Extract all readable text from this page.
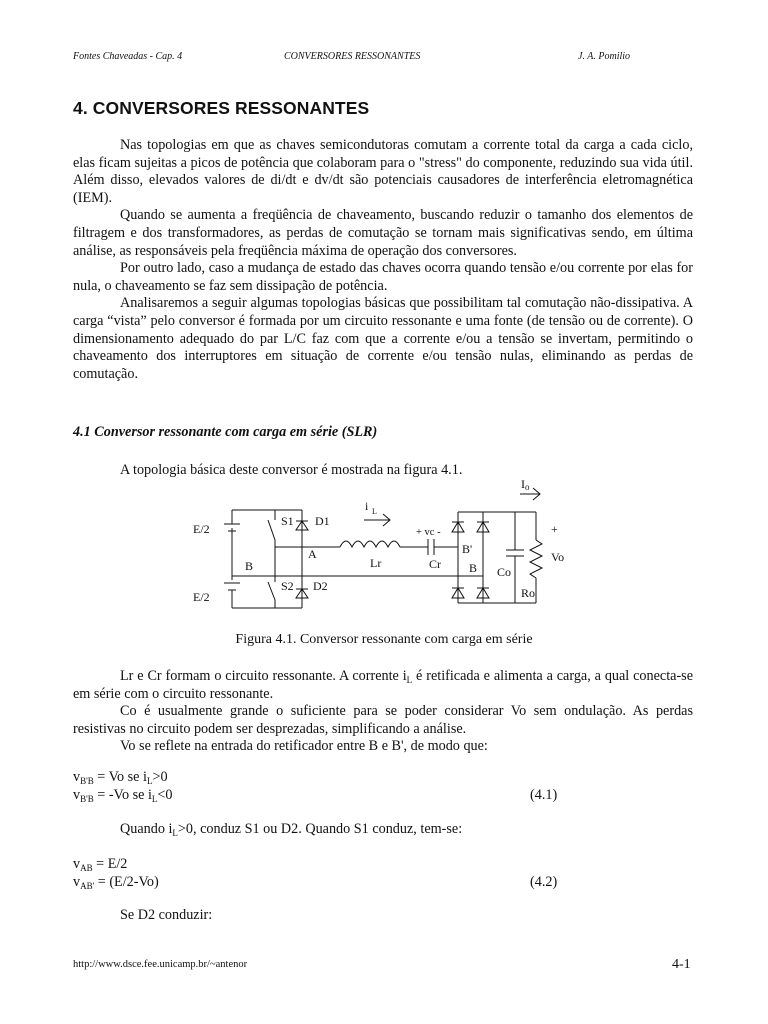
Fontes Chaveadas - Cap. 4	CONVERSORES RESSONANTES	J. A. Pomilio
4. CONVERSORES RESSONANTES

Nas topologias em que as chaves semicondutoras comutam a corrente total da carga a cada ciclo, elas ficam sujeitas a picos de potência que colaboram para o "stress" do componente, reduzindo sua vida útil. Além disso, elevados valores de di/dt e dv/dt são potenciais causadores de interferência eletromagnética (IEM).

Quando se aumenta a freqüência de chaveamento, buscando reduzir o tamanho dos elementos de filtragem e dos transformadores, as perdas de comutação se tornam mais significativas sendo, em última análise, as responsáveis pela freqüência máxima de operação dos conversores.

Por outro lado, caso a mudança de estado das chaves ocorra quando tensão e/ou corrente por elas for nula, o chaveamento se faz sem dissipação de potência.

Analisaremos a seguir algumas topologias básicas que possibilitam tal comutação não-dissipativa. A carga “vista” pelo conversor é formada por um circuito ressonante e uma fonte (de tensão ou de corrente). O dimensionamento adequado do par L/C faz com que a corrente e/ou a tensão se invertam, permitindo o chaveamento dos interruptores em situação de corrente e/ou tensão nulas, eliminando as perdas de comutação.

4.1 Conversor ressonante com carga em série (SLR)
A topologia básica deste conversor é mostrada na figura 4.1.
E/2
E/2
S1 D1
S2 D2
A
B	B
B'
i L
Lr	Cr
+ vc -
I o
+
Vo
Co
Ro
Figura 4.1. Conversor ressonante com carga em série

Lr e Cr formam o circuito ressonante. A corrente $i_L$ é retificada e alimenta a carga, a qual conecta-se em série com o circuito ressonante.

Co é usualmente grande o suficiente para se poder considerar Vo sem ondulação. As perdas resistivas no circuito podem ser desprezadas, simplificando a análise.

Vo se reflete na entrada do retificador entre B e B', de modo que:

$v_{B'B} = Vo$ se $i_L>0$
$v_{B'B} = -Vo$ se $i_L<0$	(4.1)
Quando $i_L>0$, conduz S1 ou D2. Quando S1 conduz, tem-se:
$v_{AB} = E/2$
$v_{AB'} = (E/2-Vo)$	(4.2)
Se D2 conduzir:
http://www.dsce.fee.unicamp.br/~antenor	4-1
